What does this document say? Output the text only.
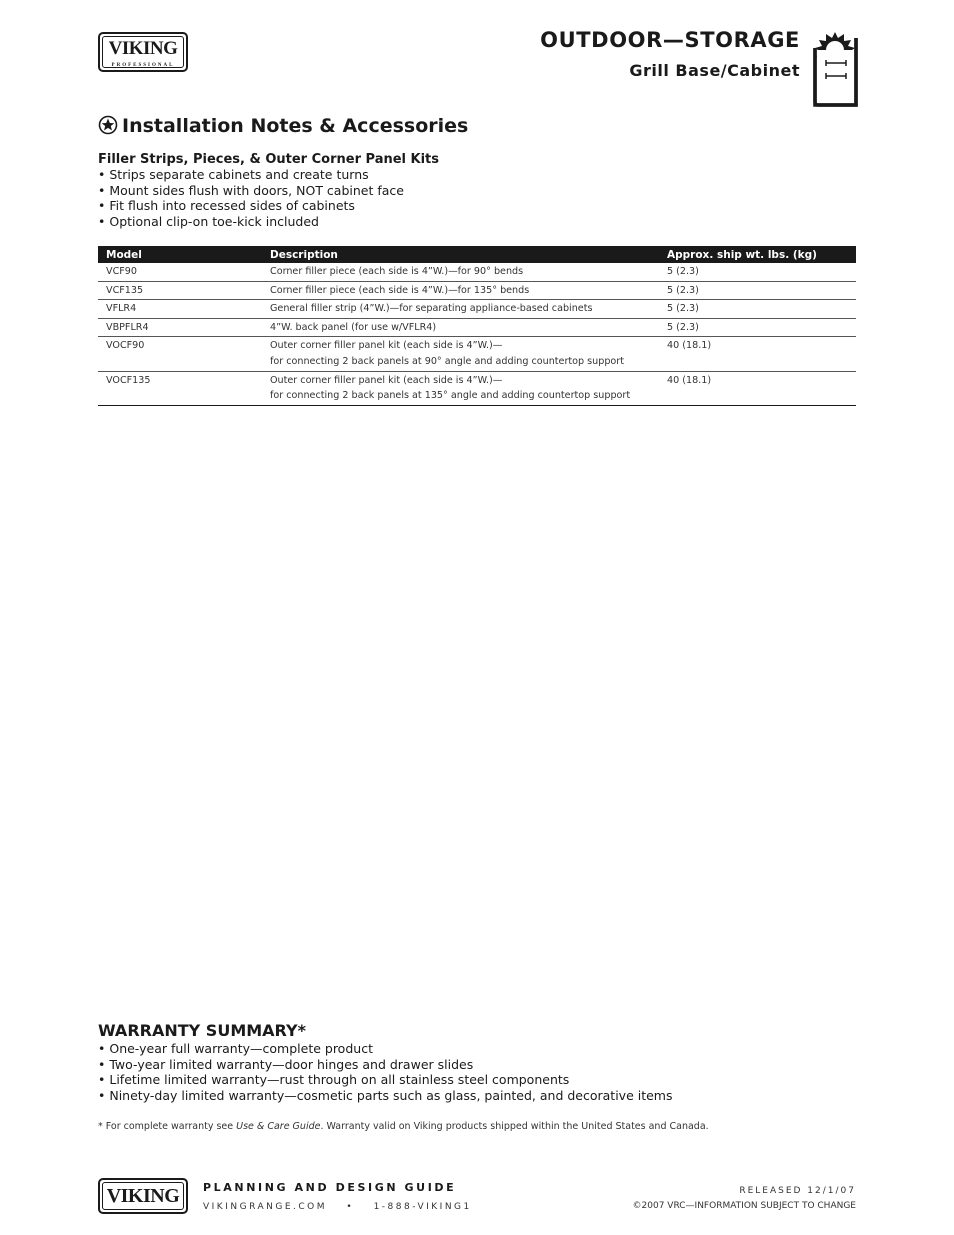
VIKING
PROFESSIONAL
OUTDOOR—STORAGE
Grill Base/Cabinet
Installation Notes & Accessories
Filler Strips, Pieces, & Outer Corner Panel Kits
• Strips separate cabinets and create turns
• Mount sides flush with doors, NOT cabinet face
• Fit flush into recessed sides of cabinets
• Optional clip-on toe-kick included
Model	Description	Approx. ship wt. lbs. (kg)
VCF90	Corner filler piece (each side is 4”W.)—for 90° bends	5 (2.3)
VCF135	Corner filler piece (each side is 4”W.)—for 135° bends	5 (2.3)
VFLR4	General filler strip (4”W.)—for separating appliance-based cabinets	5 (2.3)
VBPFLR4	4”W. back panel (for use w/VFLR4)	5 (2.3)
VOCF90	Outer corner filler panel kit (each side is 4”W.)—
for connecting 2 back panels at 90° angle and adding countertop support	40 (18.1)
VOCF135	Outer corner filler panel kit (each side is 4”W.)—
for connecting 2 back panels at 135° angle and adding countertop support	40 (18.1)
WARRANTY SUMMARY*
• One-year full warranty—complete product
• Two-year limited warranty—door hinges and drawer slides
• Lifetime limited warranty—rust through on all stainless steel components
• Ninety-day limited warranty—cosmetic parts such as glass, painted, and decorative items
* For complete warranty see Use & Care Guide. Warranty valid on Viking products shipped within the United States and Canada.
VIKING	PLANNING AND DESIGN GUIDE
VIKINGRANGE.COM • 1-888-VIKING1
RELEASED 12/1/07
©2007 VRC—INFORMATION SUBJECT TO CHANGE
